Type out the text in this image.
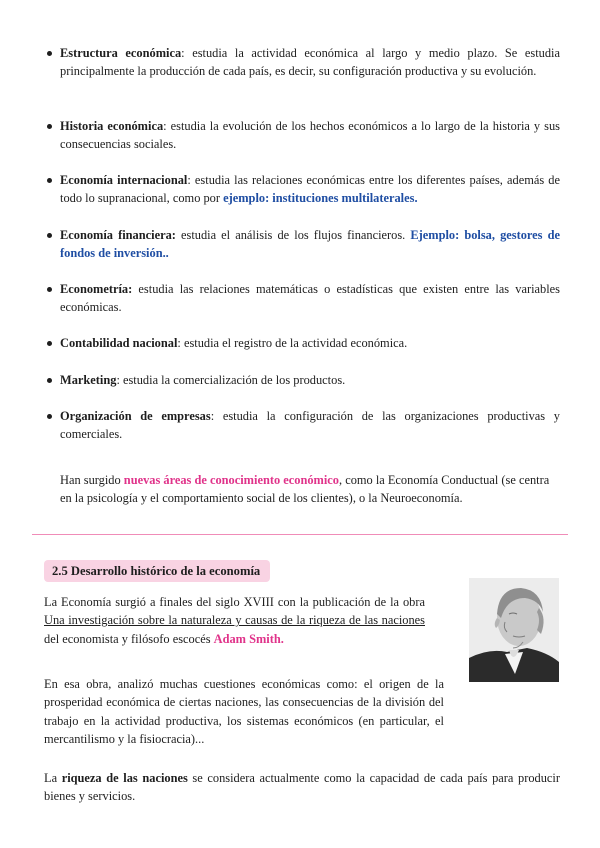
Estructura económica: estudia la actividad económica al largo y medio plazo. Se estudia principalmente la producción de cada país, es decir, su configuración productiva y su evolución.
Historia económica: estudia la evolución de los hechos económicos a lo largo de la historia y sus consecuencias sociales.
Economía internacional: estudia las relaciones económicas entre los diferentes países, además de todo lo supranacional, como por ejemplo: instituciones multilaterales.
Economía financiera: estudia el análisis de los flujos financieros. Ejemplo: bolsa, gestores de fondos de inversión..
Econometría: estudia las relaciones matemáticas o estadísticas que existen entre las variables económicas.
Contabilidad nacional: estudia el registro de la actividad económica.
Marketing: estudia la comercialización de los productos.
Organización de empresas: estudia la configuración de las organizaciones productivas y comerciales.
Han surgido nuevas áreas de conocimiento económico, como la Economía Conductual (se centra en la psicología y el comportamiento social de los clientes), o la Neuroeconomía.
2.5 Desarrollo histórico de la economía
La Economía surgió a finales del siglo XVIII con la publicación de la obra Una investigación sobre la naturaleza y causas de la riqueza de las naciones del economista y filósofo escocés Adam Smith.
En esa obra, analizó muchas cuestiones económicas como: el origen de la prosperidad económica de ciertas naciones, las consecuencias de la división del trabajo en la actividad productiva, los sistemas económicos (en particular, el mercantilismo y la fisiocracia)...
La riqueza de las naciones se considera actualmente como la capacidad de cada país para producir bienes y servicios.
